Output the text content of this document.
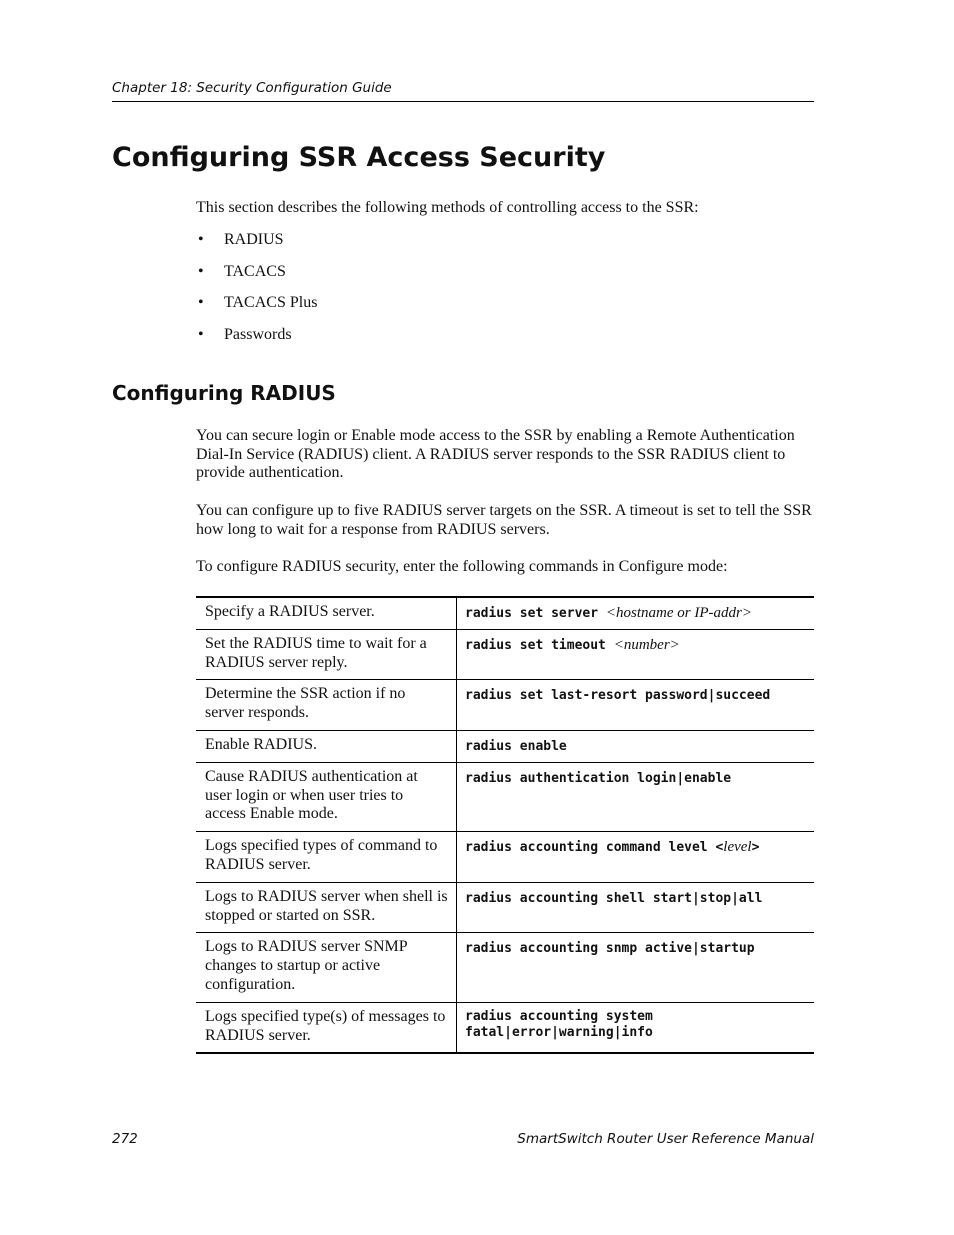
Chapter 18: Security Configuration Guide
Configuring SSR Access Security

This section describes the following methods of controlling access to the SSR:

• RADIUS
• TACACS
• TACACS Plus
• Passwords
Configuring RADIUS

You can secure login or Enable mode access to the SSR by enabling a Remote Authentication Dial-In Service (RADIUS) client. A RADIUS server responds to the SSR RADIUS client to provide authentication.

You can configure up to five RADIUS server targets on the SSR. A timeout is set to tell the SSR how long to wait for a response from RADIUS servers.

To configure RADIUS security, enter the following commands in Configure mode:

Specify a RADIUS server.	radius set server <hostname or IP-addr>
Set the RADIUS time to wait for a RADIUS server reply.	radius set timeout <number>
Determine the SSR action if no server responds.	radius set last-resort password|succeed
Enable RADIUS.	radius enable
Cause RADIUS authentication at user login or when user tries to access Enable mode.	radius authentication login|enable
Logs specified types of command to RADIUS server.	radius accounting command level <level>
Logs to RADIUS server when shell is stopped or started on SSR.	radius accounting shell start|stop|all
Logs to RADIUS server SNMP changes to startup or active configuration.	radius accounting snmp active|startup
Logs specified type(s) of messages to RADIUS server.	radius accounting system
fatal|error|warning|info
272	SmartSwitch Router User Reference Manual
